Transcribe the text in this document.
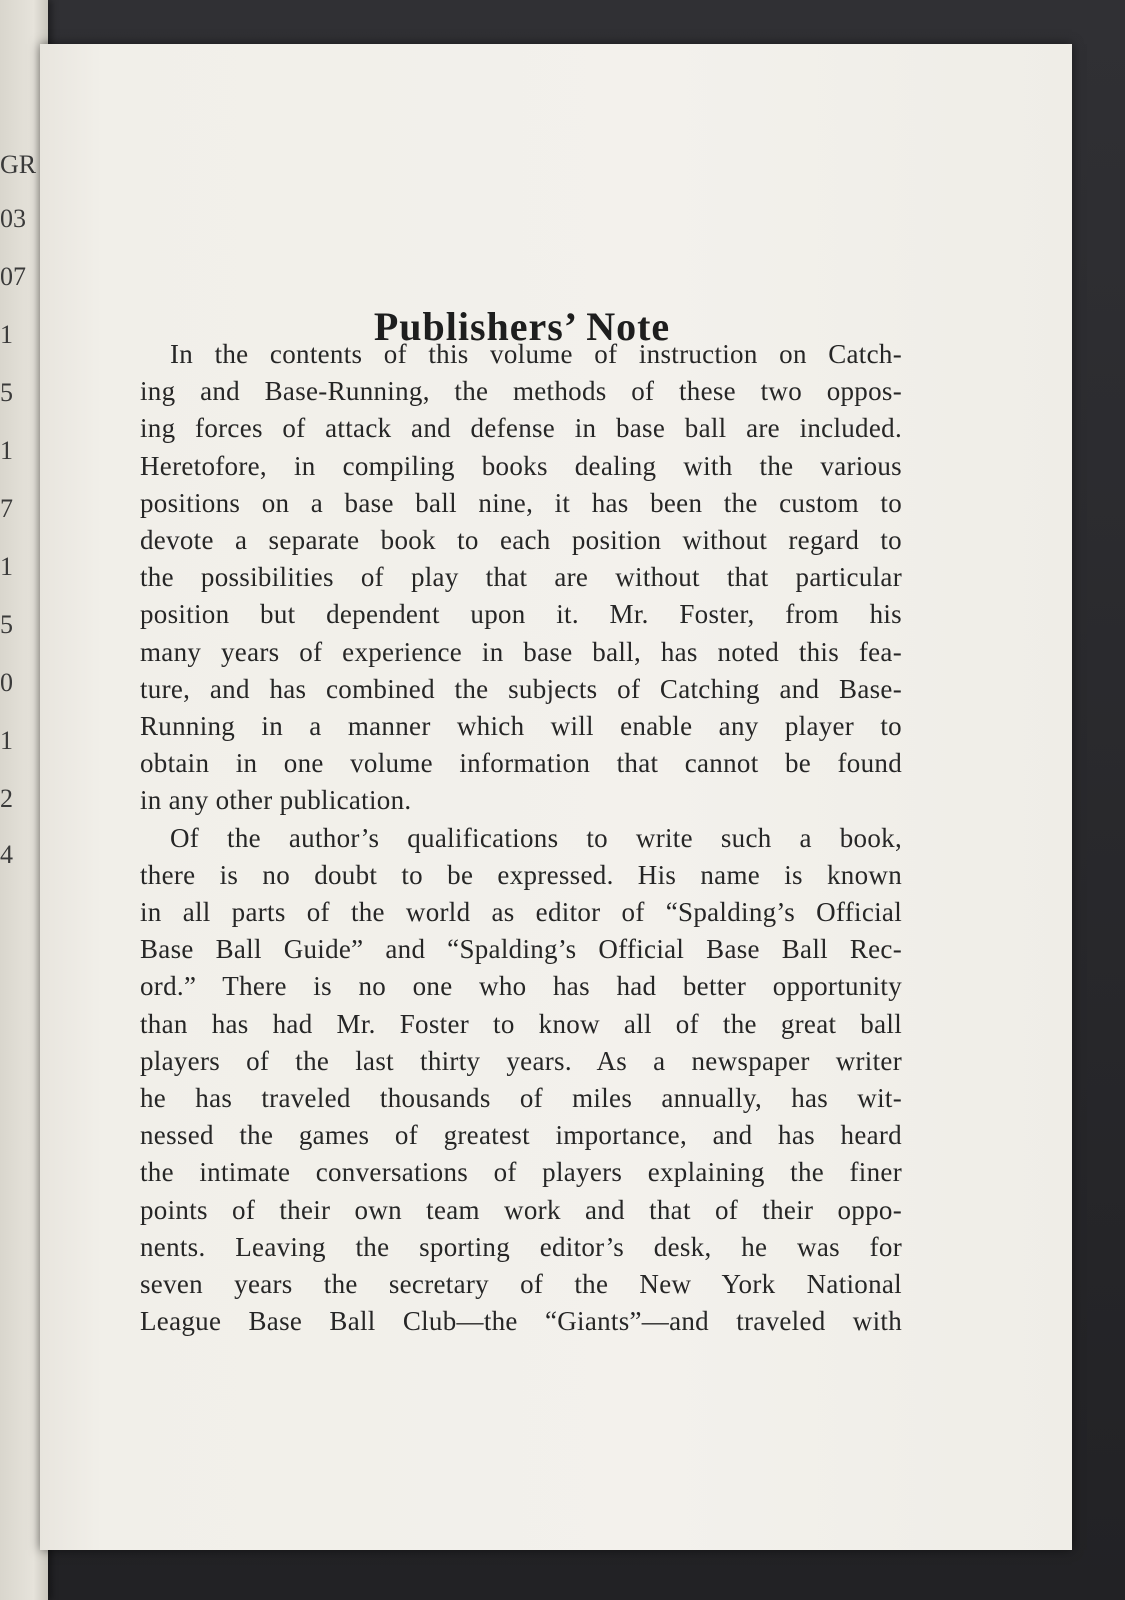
GR
03
07
1
5
1
7
1
5
0
1
2
4
Publishers’ Note
In the contents of this volume of instruction on Catch-
ing and Base-Running, the methods of these two oppos-
ing forces of attack and defense in base ball are included.
Heretofore, in compiling books dealing with the various
positions on a base ball nine, it has been the custom to
devote a separate book to each position without regard to
the possibilities of play that are without that particular
position but dependent upon it. Mr. Foster, from his
many years of experience in base ball, has noted this fea-
ture, and has combined the subjects of Catching and Base-
Running in a manner which will enable any player to
obtain in one volume information that cannot be found
in any other publication.
Of the author’s qualifications to write such a book,
there is no doubt to be expressed. His name is known
in all parts of the world as editor of “Spalding’s Official
Base Ball Guide” and “Spalding’s Official Base Ball Rec-
ord.” There is no one who has had better opportunity
than has had Mr. Foster to know all of the great ball
players of the last thirty years. As a newspaper writer
he has traveled thousands of miles annually, has wit-
nessed the games of greatest importance, and has heard
the intimate conversations of players explaining the finer
points of their own team work and that of their oppo-
nents. Leaving the sporting editor’s desk, he was for
seven years the secretary of the New York National
League Base Ball Club—the “Giants”—and traveled with
